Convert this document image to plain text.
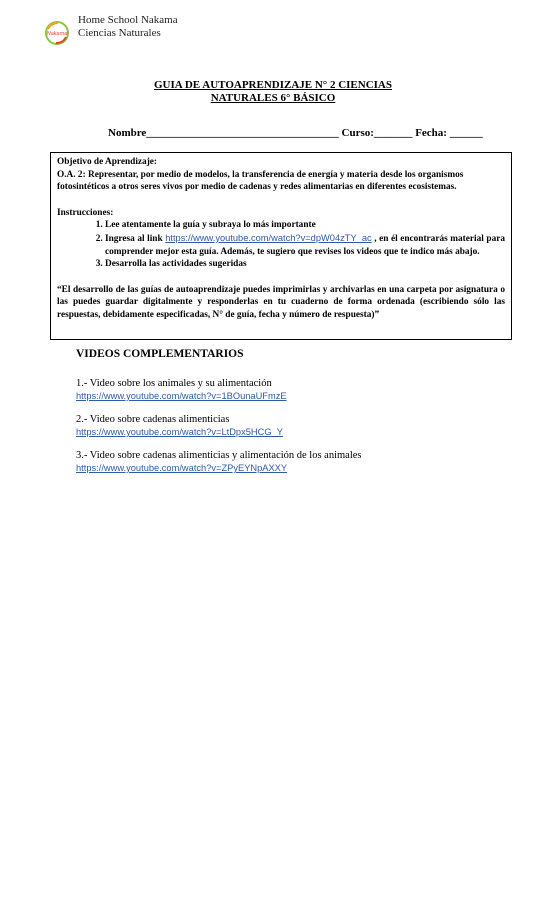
Nakama
Home School Nakama
Ciencias Naturales
GUIA DE AUTOAPRENDIZAJE N° 2 CIENCIAS
NATURALES 6° BÁSICO
Nombre___________________________________ Curso:_______ Fecha: ______

Objetivo de Aprendizaje:

O.A. 2: Representar, por medio de modelos, la transferencia de energía y materia desde los organismos fotosintéticos a otros seres vivos por medio de cadenas y redes alimentarias en diferentes ecosistemas.

Instrucciones:

1. Lee atentamente la guía y subraya lo más importante
2. Ingresa al link https://www.youtube.com/watch?v=dpW04zTY_ac , en él encontrarás material para comprender mejor esta guía. Además, te sugiero que revises los videos que te indico más abajo.
3. Desarrolla las actividades sugeridas

“El desarrollo de las guías de autoaprendizaje puedes imprimirlas y archivarlas en una carpeta por asignatura o las puedes guardar digitalmente y responderlas en tu cuaderno de forma ordenada (escribiendo sólo las respuestas, debidamente especificadas, N° de guía, fecha y número de respuesta)”

VIDEOS COMPLEMENTARIOS
1.- Video sobre los animales y su alimentación
https://www.youtube.com/watch?v=1BOunaUFmzE
2.- Video sobre cadenas alimenticias
https://www.youtube.com/watch?v=LtDpx5HCG_Y
3.- Video sobre cadenas alimenticias y alimentación de los animales
https://www.youtube.com/watch?v=ZPyEYNpAXXY
